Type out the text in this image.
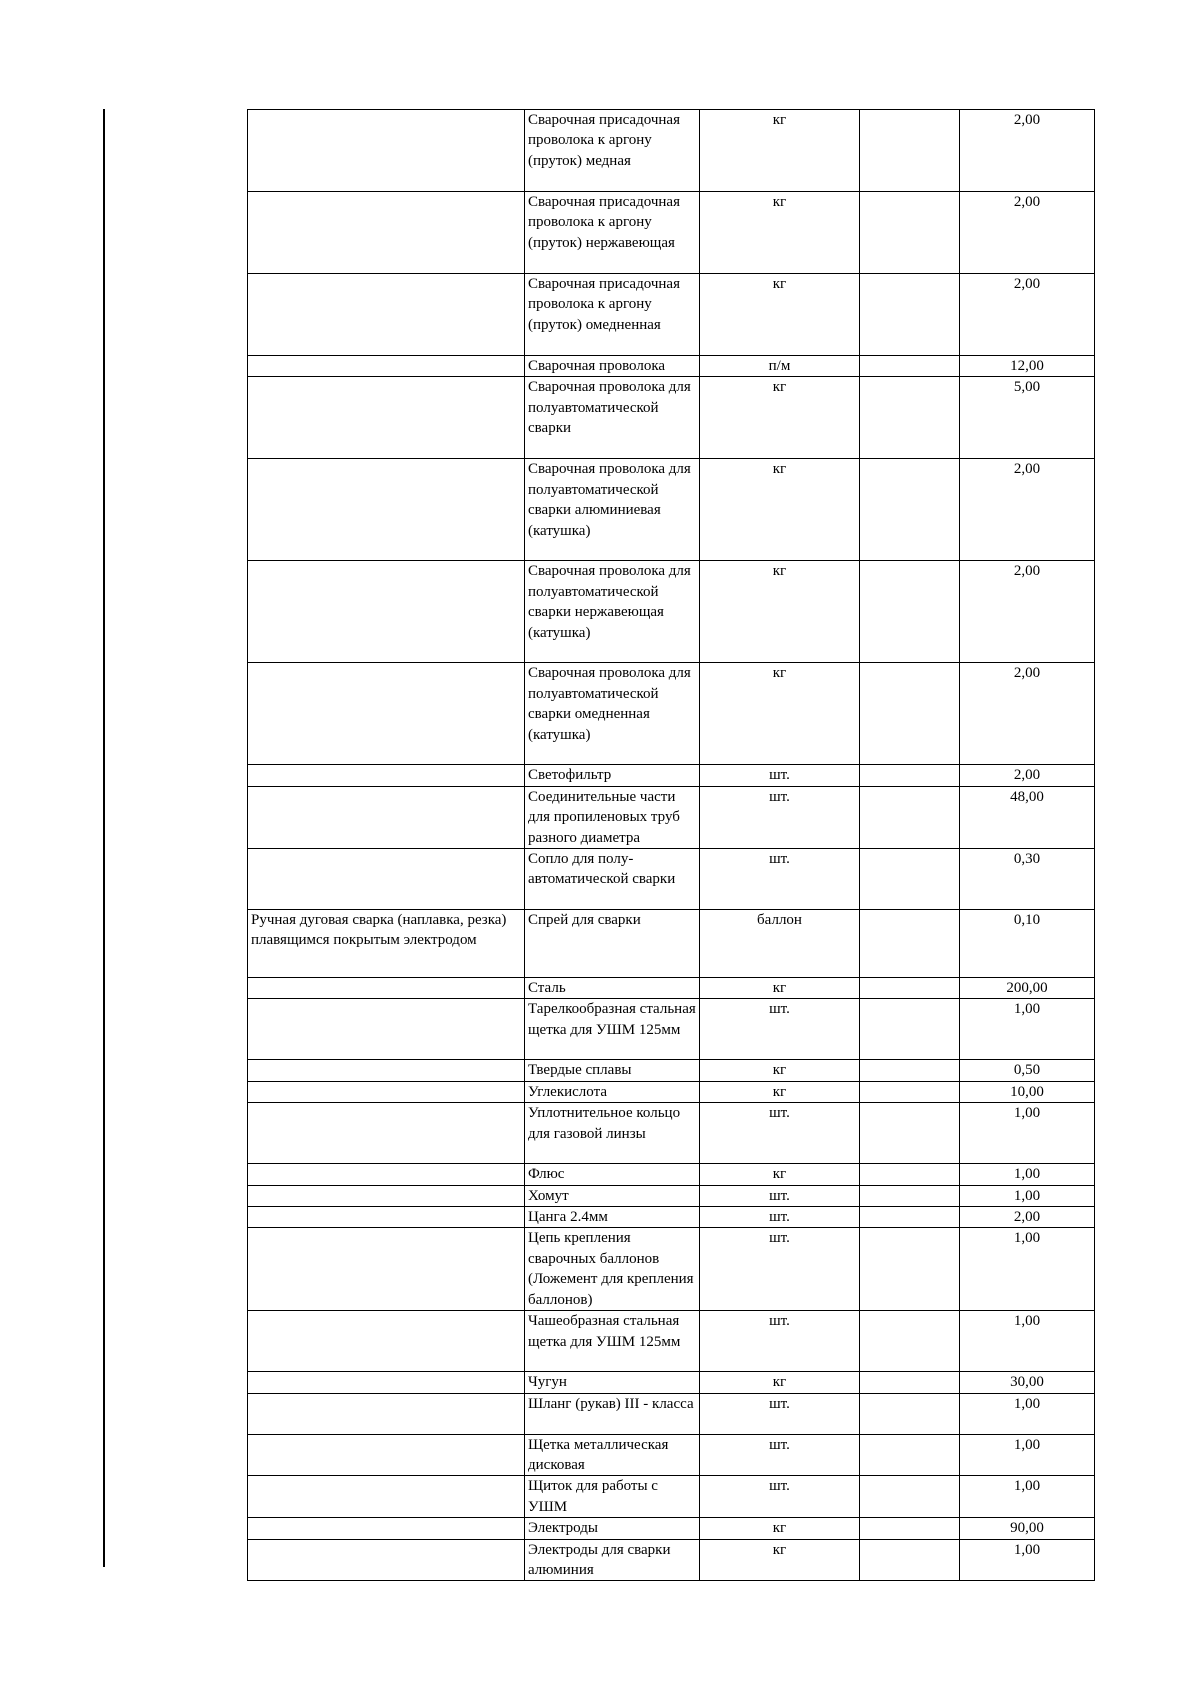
	Сварочная присадочная проволока к аргону (пруток) медная	кг		2,00
	Сварочная присадочная проволока к аргону (пруток) нержавеющая	кг		2,00
	Сварочная присадочная проволока к аргону (пруток) омедненная	кг		2,00
	Сварочная проволока	п/м		12,00
	Сварочная проволока для полуавтоматической сварки	кг		5,00
	Сварочная проволока для полуавтоматической сварки алюминиевая (катушка)	кг		2,00
	Сварочная проволока для полуавтоматической сварки нержавеющая (катушка)	кг		2,00
	Сварочная проволока для полуавтоматической сварки омедненная (катушка)	кг		2,00
	Светофильтр	шт.		2,00
	Соединительные части для пропиленовых труб разного диаметра	шт.		48,00
	Сопло для полу-автоматической сварки	шт.		0,30
Ручная дуговая сварка (наплавка, резка) плавящимся покрытым электродом	Спрей для сварки	баллон		0,10
	Сталь	кг		200,00
	Тарелкообразная стальная щетка для УШМ 125мм	шт.		1,00
	Твердые сплавы	кг		0,50
	Углекислота	кг		10,00
	Уплотнительное кольцо для газовой линзы	шт.		1,00
	Флюс	кг		1,00
	Хомут	шт.		1,00
	Цанга 2.4мм	шт.		2,00
	Цепь крепления сварочных баллонов (Ложемент для крепления баллонов)	шт.		1,00
	Чашеобразная стальная щетка для УШМ 125мм	шт.		1,00
	Чугун	кг		30,00
	Шланг (рукав) III - класса	шт.		1,00
	Щетка металлическая дисковая	шт.		1,00
	Щиток для работы с УШМ	шт.		1,00
	Электроды	кг		90,00
	Электроды для сварки алюминия	кг		1,00
